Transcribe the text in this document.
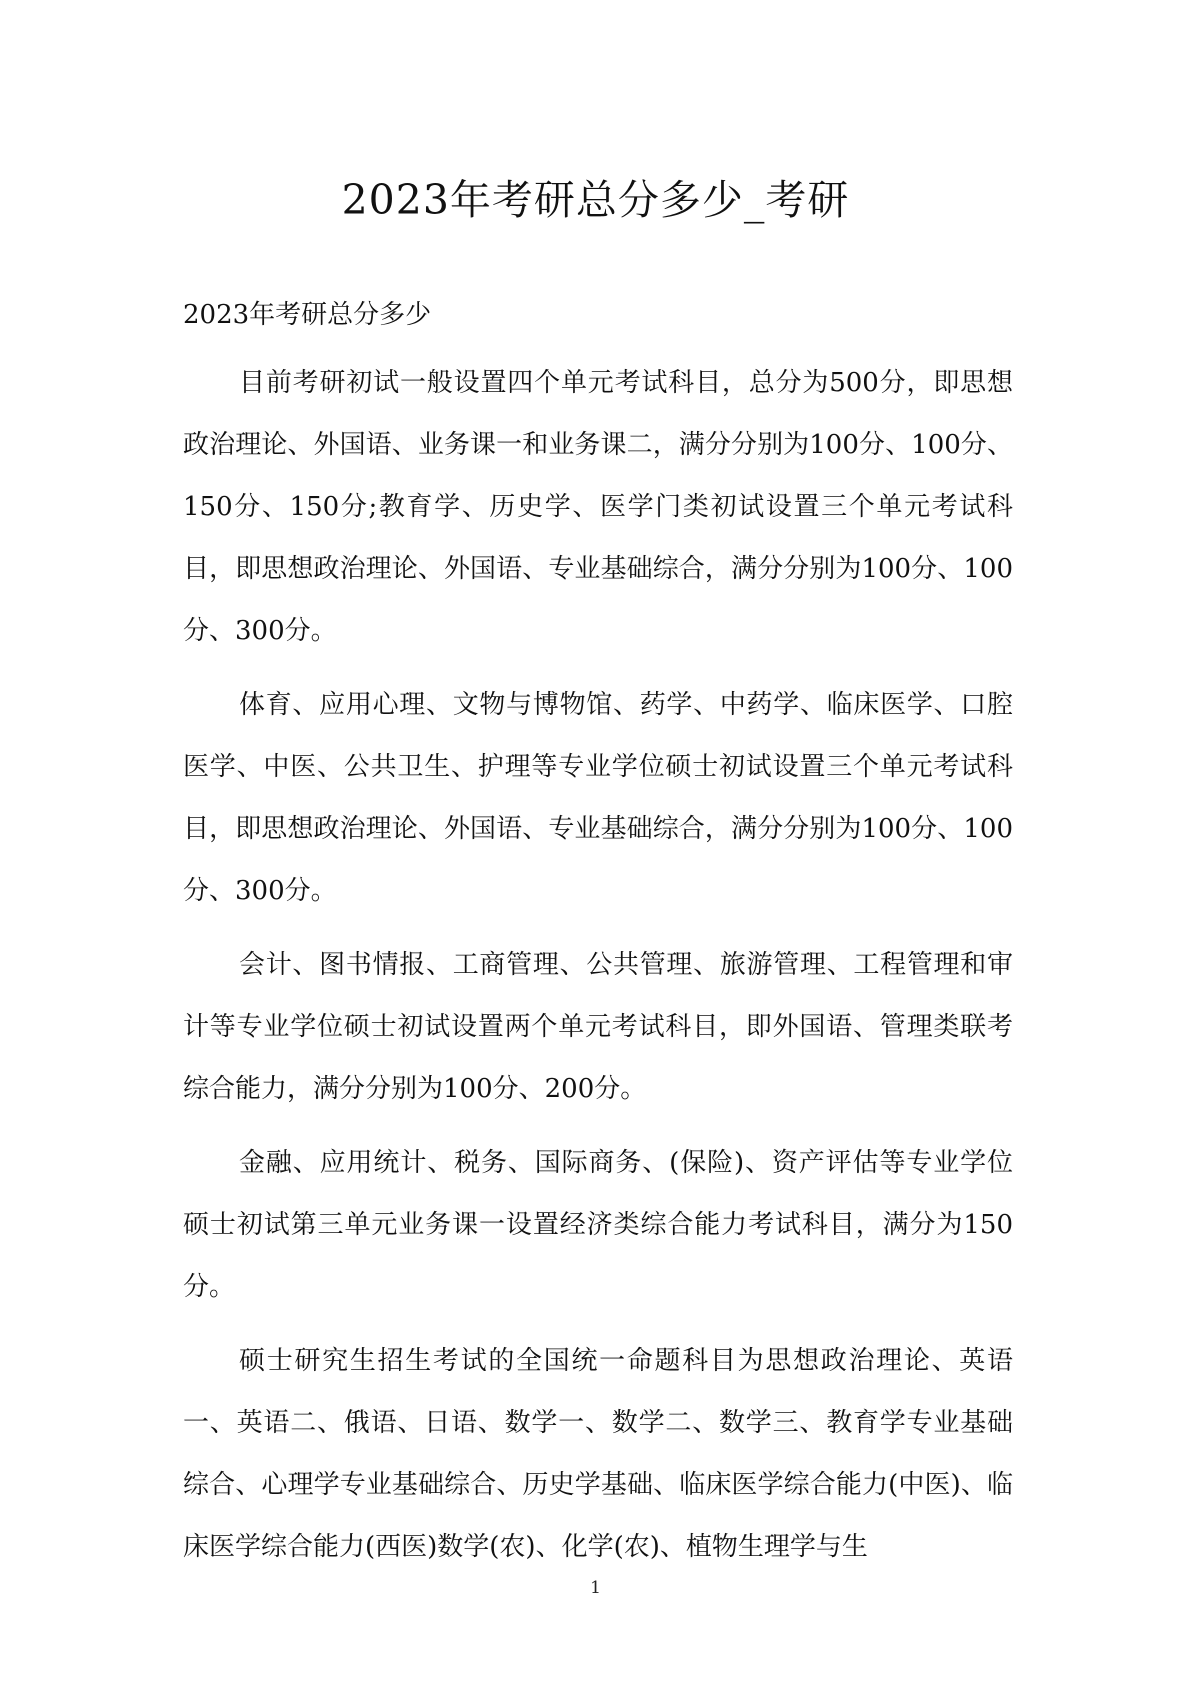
2023年考研总分多少_考研

2023年考研总分多少

目前考研初试一般设置四个单元考试科目，总分为500分，即思想政治理论、外国语、业务课一和业务课二，满分分别为100分、100分、150分、150分;教育学、历史学、医学门类初试设置三个单元考试科目，即思想政治理论、外国语、专业基础综合，满分分别为100分、100分、300分。

体育、应用心理、文物与博物馆、药学、中药学、临床医学、口腔医学、中医、公共卫生、护理等专业学位硕士初试设置三个单元考试科目，即思想政治理论、外国语、专业基础综合，满分分别为100分、100分、300分。

会计、图书情报、工商管理、公共管理、旅游管理、工程管理和审计等专业学位硕士初试设置两个单元考试科目，即外国语、管理类联考综合能力，满分分别为100分、200分。

金融、应用统计、税务、国际商务、(保险)、资产评估等专业学位硕士初试第三单元业务课一设置经济类综合能力考试科目，满分为150分。

硕士研究生招生考试的全国统一命题科目为思想政治理论、英语一、英语二、俄语、日语、数学一、数学二、数学三、教育学专业基础综合、心理学专业基础综合、历史学基础、临床医学综合能力(中医)、临床医学综合能力(西医)数学(农)、化学(农)、植物生理学与生

1
